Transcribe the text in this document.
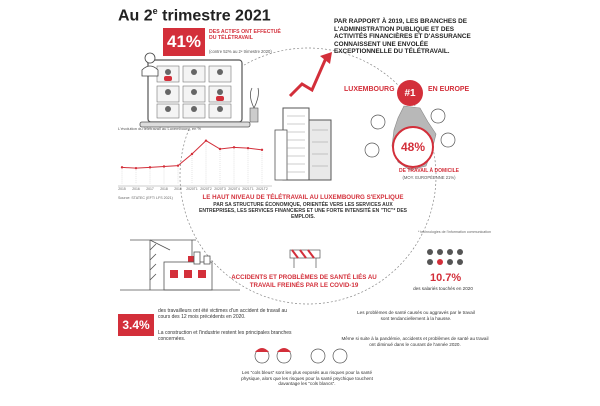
Au 2e trimestre 2021
2015 2016 2017 2018 2019 2020T1 2020T2 2020T3 2020T4 2021T1 2021T2
41%	DES ACTIFS ONT EFFECTUÉ DU TÉLÉTRAVAIL
(contre 52% au 2ᵉ trimestre 2020)
PAR RAPPORT À 2019, LES BRANCHES DE L'ADMINISTRATION PUBLIQUE ET DES ACTIVITÉS FINANCIÈRES ET D'ASSURANCE CONNAISSENT UNE ENVOLÉE EXCEPTIONNELLE DU TÉLÉTRAVAIL.
LUXEMBOURG #1	EN EUROPE
48%
DE TRAVAIL À DOMICILE
(MOY. EUROPÉENNE 21%)
L'évolution du télétravail au Luxembourg, en %
Source: STATEC (EFT/ LFS 2021)	LE HAUT NIVEAU DE TÉLÉTRAVAIL AU LUXEMBOURG S'EXPLIQUE
PAR SA STRUCTURE ÉCONOMIQUE, ORIENTÉE VERS LES SERVICES AUX ENTREPRISES, LES SERVICES FINANCIERS ET UNE FORTE INTENSITÉ EN "TIC"* DES EMPLOIS.
* technologies de l'information communication
ACCIDENTS ET PROBLÈMES DE SANTÉ LIÉS AU TRAVAIL FREINÉS PAR LE COVID-19
3.4%
des travailleurs ont été victimes d'un accident de travail au cours des 12 mois précédents en 2020.
La construction et l'industrie restent les principales branches concernées.
10.7%
des salariés touchés en 2020
Les problèmes de santé causés ou aggravés par le travail sont tendanciellement à la hausse.
Même si suite à la pandémie, accidents et problèmes de santé au travail ont diminué dans le courant de l'année 2020.
Les "cols bleus" sont les plus exposés aux risques pour la santé physique, alors que les risques pour la santé psychique touchent davantage les "cols blancs".
